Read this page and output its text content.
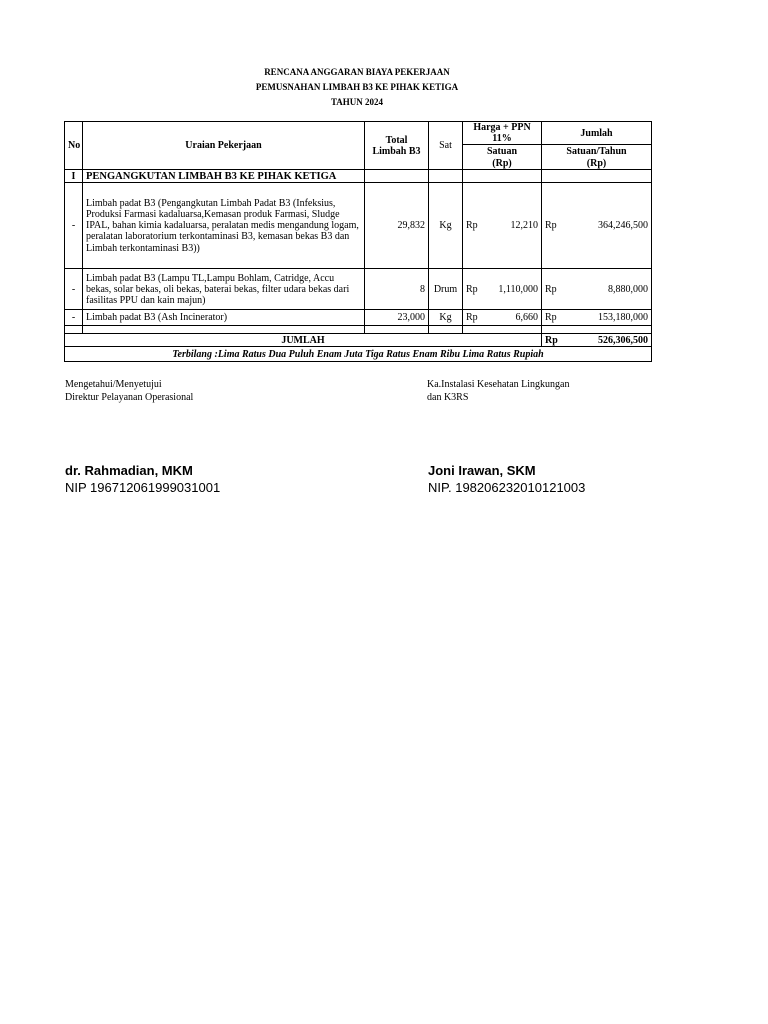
RENCANA ANGGARAN BIAYA PEKERJAAN
PEMUSNAHAN LIMBAH B3 KE PIHAK KETIGA
TAHUN 2024
No	Uraian Pekerjaan	Total Limbah B3	Sat	Harga + PPN 11%		Jumlah	
				Satuan		Satuan/Tahun	
				(Rp)		(Rp)	
I	PENGANGKUTAN LIMBAH B3 KE PIHAK KETIGA						
-	Limbah padat B3 (Pengangkutan Limbah Padat B3 (Infeksius, Produksi Farmasi kadaluarsa,Kemasan produk Farmasi, Sludge IPAL, bahan kimia kadaluarsa, peralatan medis mengandung logam, peralatan laboratorium terkontaminasi B3, kemasan bekas B3 dan Limbah terkontaminasi B3))	29,832	Kg	Rp	12,210	Rp	364,246,500
-	Limbah padat B3 (Lampu TL,Lampu Bohlam, Catridge, Accu bekas, solar bekas, oli bekas, baterai bekas, filter udara bekas dari fasilitas PPU dan kain majun)	8	Drum	Rp	1,110,000	Rp	8,880,000
-	Limbah padat B3 (Ash Incinerator)	23,000	Kg	Rp	6,660	Rp	153,180,000

JUMLAH						Rp	526,306,500
Terbilang :Lima Ratus Dua Puluh Enam Juta Tiga Ratus Enam Ribu Lima Ratus Rupiah							
Mengetahui/Menyetujui
Direktur Pelayanan Operasional
Ka.Instalasi Kesehatan Lingkungan
dan K3RS
dr. Rahmadian, MKM
NIP 196712061999031001
Joni Irawan, SKM
NIP. 198206232010121003
